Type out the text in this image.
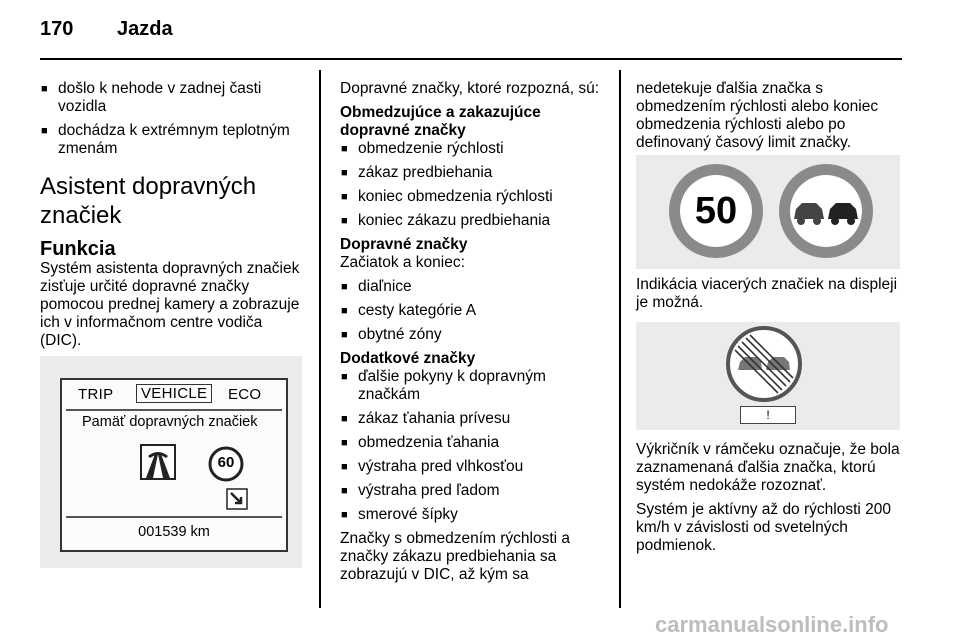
170 Jazda
■ došlo k nehode v zadnej časti vozidla
■ dochádza k extrémnym teplotným zmenám
Asistent dopravných značiek
Funkcia

Systém asistenta dopravných značiek zisťuje určité dopravné značky pomocou prednej kamery a zobrazuje ich v informačnom centre vodiča (DIC).

TRIP	VEHICLE	ECO
Pamäť dopravných značiek
60
001539 km

Dopravné značky, ktoré rozpozná, sú:

Obmedzujúce a zakazujúce dopravné značky

■ obmedzenie rýchlosti
■ zákaz predbiehania
■ koniec obmedzenia rýchlosti
■ koniec zákazu predbiehania

Dopravné značky

Začiatok a koniec:

■ diaľnice
■ cesty kategórie A
■ obytné zóny

Dodatkové značky

■ ďalšie pokyny k dopravným značkám
■ zákaz ťahania prívesu
■ obmedzenia ťahania
■ výstraha pred vlhkosťou
■ výstraha pred ľadom
■ smerové šípky

Značky s obmedzením rýchlosti a značky zákazu predbiehania sa zobrazujú v DIC, až kým sa

nedetekuje ďalšia značka s obmedzením rýchlosti alebo koniec obmedzenia rýchlosti alebo po definovaný časový limit značky.

50

Indikácia viacerých značiek na displeji je možná.

!

Výkričník v rámčeku označuje, že bola zaznamenaná ďalšia značka, ktorú systém nedokáže rozoznať.

Systém je aktívny až do rýchlosti 200 km/h v závislosti od svetelných podmienok.

carmanualsonline.info
